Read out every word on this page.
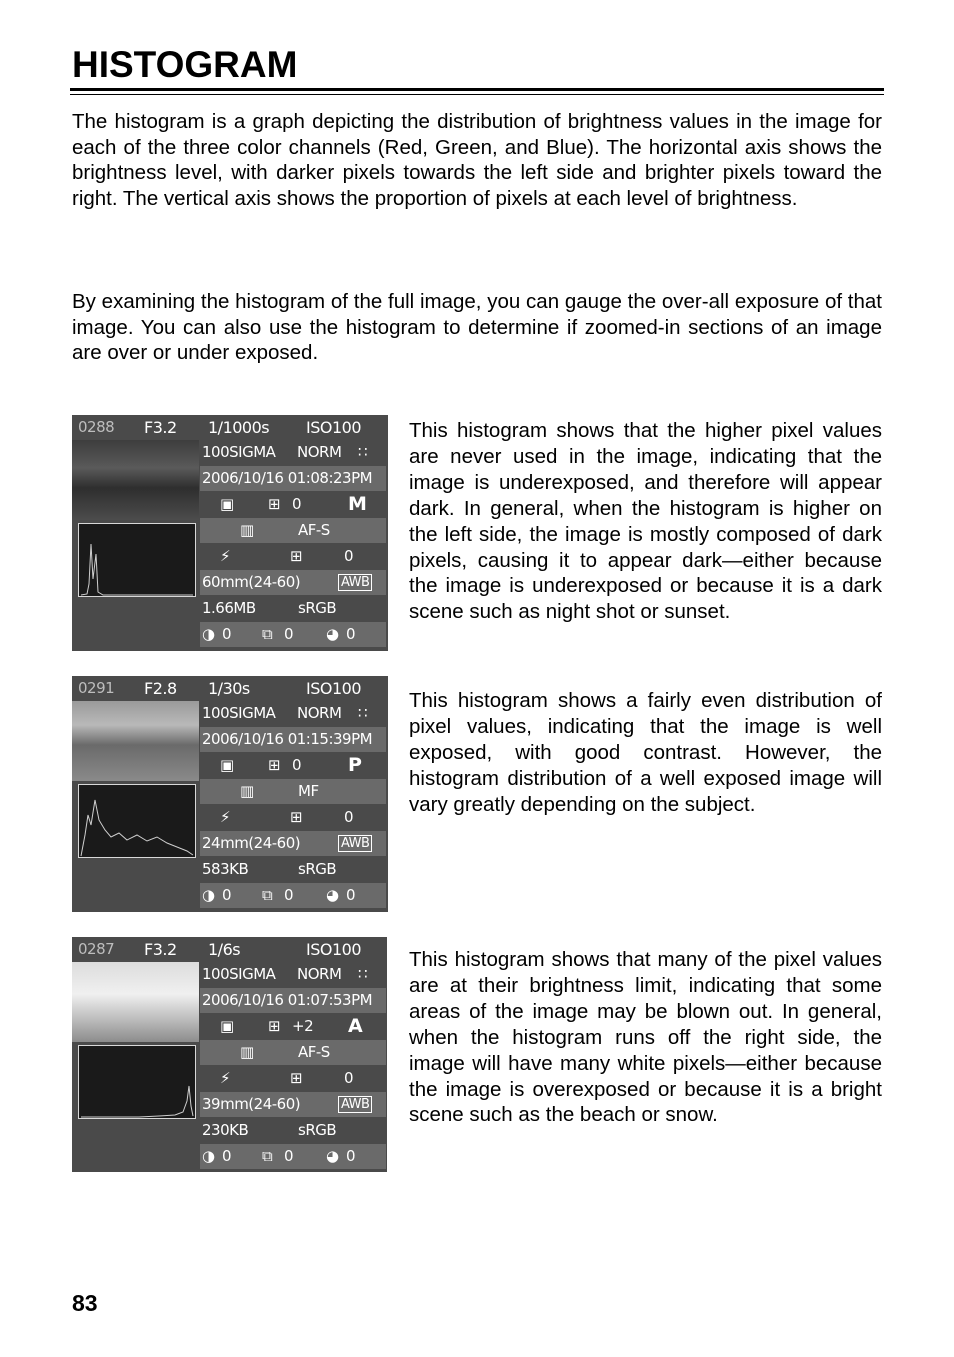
HISTOGRAM

The histogram is a graph depicting the distribution of brightness values in the image for each of the three color channels (Red, Green, and Blue). The horizontal axis shows the brightness level, with darker pixels towards the left side and brighter pixels toward the right. The vertical axis shows the proportion of pixels at each level of brightness.

By examining the histogram of the full image, you can gauge the over-all exposure of that image. You can also use the histogram to determine if zoomed-in sections of an image are over or under exposed.

0288 F3.2 1/1000s ISO100
100SIGMA NORM ∷
2006/10/16 01:08:23PM
▣ ⊞ 0 M
▥	AF-S
⚡	⊞	0
60mm(24-60)	AWB
1.66MB	sRGB
◑ 0 ⧉ 0 ◕ 0
0291 F2.8 1/30s	ISO100
100SIGMA NORM ∷
2006/10/16 01:15:39PM
▣ ⊞ 0 P
▥	MF
⚡	⊞	0
24mm(24-60)	AWB
583KB	sRGB
◑ 0 ⧉ 0 ◕ 0
0287 F3.2 1/6s	ISO100
100SIGMA NORM ∷
2006/10/16 01:07:53PM
▣ ⊞ +2 A
▥	AF-S
⚡	⊞	0
39mm(24-60)	AWB
230KB	sRGB
◑ 0 ⧉ 0 ◕ 0

This histogram shows that the higher pixel values are never used in the image, indicating that the image is underexposed, and therefore will appear dark. In general, when the histogram is higher on the left side, the image is mostly composed of dark pixels, causing it to appear dark—either because the image is underexposed or because it is a dark scene such as night shot or sunset.

This histogram shows a fairly even distribution of pixel values, indicating that the image is well exposed, with good contrast. However, the histogram distribution of a well exposed image will vary greatly depending on the subject.

This histogram shows that many of the pixel values are at their brightness limit, indicating that some areas of the image may be blown out. In general, when the histogram runs off the right side, the image will have many white pixels—either because the image is overexposed or because it is a bright scene such as the beach or snow.

83
